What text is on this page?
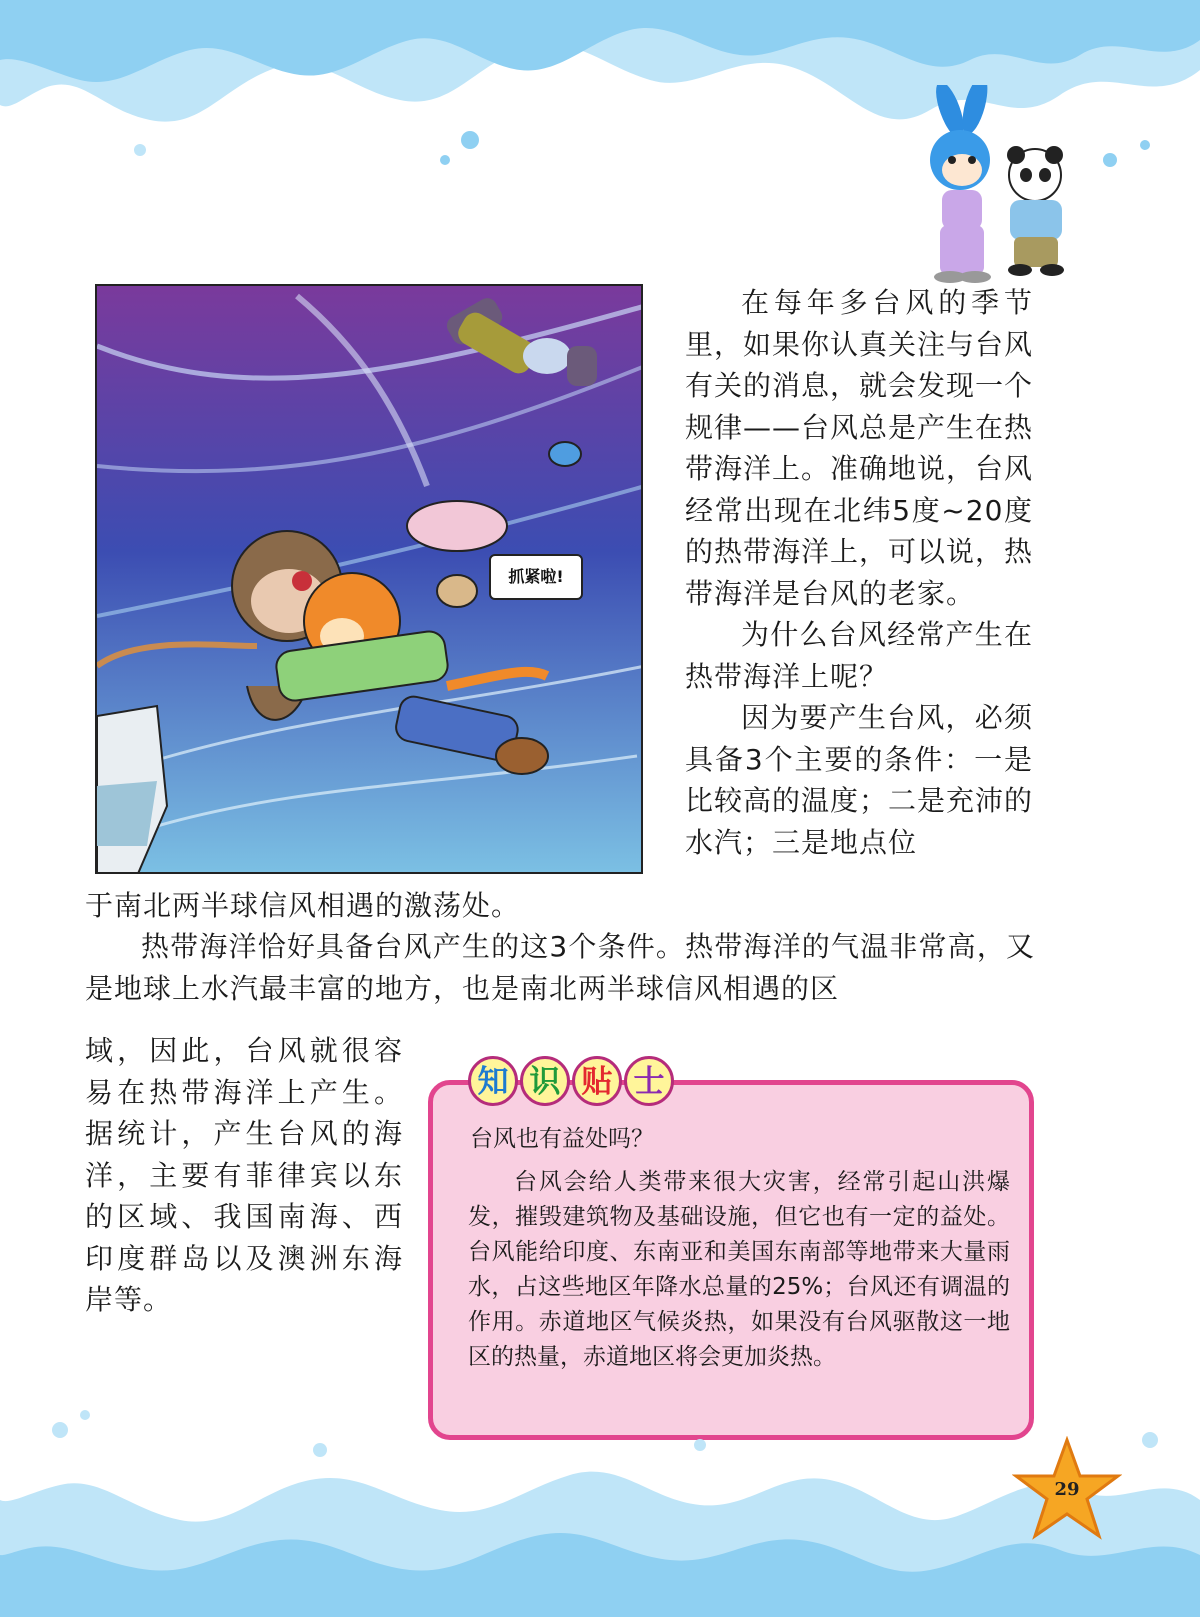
抓紧啦!

在每年多台风的季节里，如果你认真关注与台风有关的消息，就会发现一个规律——台风总是产生在热带海洋上。准确地说，台风经常出现在北纬5度~20度的热带海洋上，可以说，热带海洋是台风的老家。

为什么台风经常产生在热带海洋上呢？

因为要产生台风，必须具备3个主要的条件：一是比较高的温度；二是充沛的水汽；三是地点位

于南北两半球信风相遇的激荡处。

热带海洋恰好具备台风产生的这3个条件。热带海洋的气温非常高，又是地球上水汽最丰富的地方，也是南北两半球信风相遇的区

域，因此，台风就很容易在热带海洋上产生。据统计，产生台风的海洋，主要有菲律宾以东的区域、我国南海、西印度群岛以及澳洲东海岸等。

知 识 贴 士
台风也有益处吗？

台风会给人类带来很大灾害，经常引起山洪爆发，摧毁建筑物及基础设施，但它也有一定的益处。台风能给印度、东南亚和美国东南部等地带来大量雨水，占这些地区年降水总量的25%；台风还有调温的作用。赤道地区气候炎热，如果没有台风驱散这一地区的热量，赤道地区将会更加炎热。

29
